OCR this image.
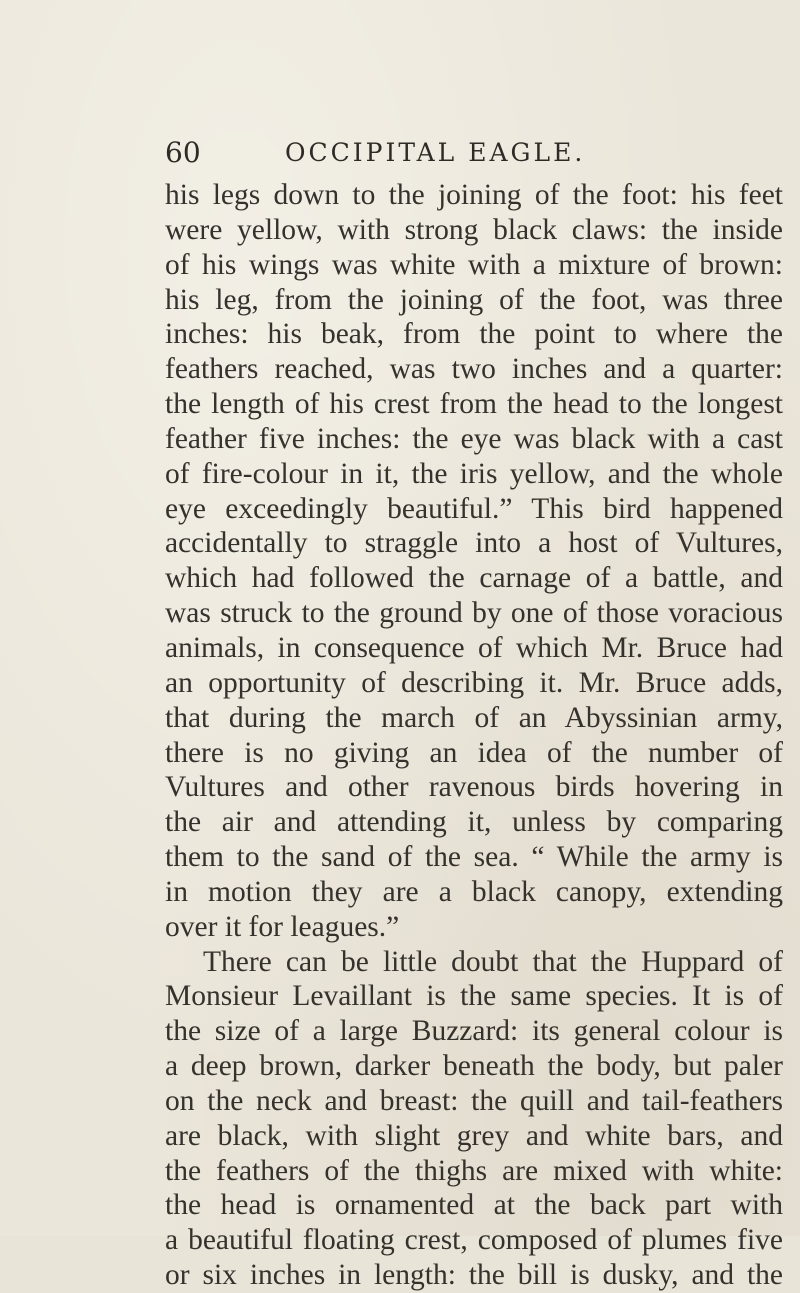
60	OCCIPITAL EAGLE.
his legs down to the joining of the foot: his feet
were yellow, with strong black claws: the inside
of his wings was white with a mixture of brown:
his leg, from the joining of the foot, was three
inches: his beak, from the point to where the
feathers reached, was two inches and a quarter:
the length of his crest from the head to the longest
feather five inches: the eye was black with a cast
of fire-colour in it, the iris yellow, and the whole
eye exceedingly beautiful.” This bird happened
accidentally to straggle into a host of Vultures,
which had followed the carnage of a battle, and
was struck to the ground by one of those voracious
animals, in consequence of which Mr. Bruce had
an opportunity of describing it. Mr. Bruce adds,
that during the march of an Abyssinian army,
there is no giving an idea of the number of
Vultures and other ravenous birds hovering in
the air and attending it, unless by comparing
them to the sand of the sea. “ While the army is
in motion they are a black canopy, extending
over it for leagues.”
There can be little doubt that the Huppard of
Monsieur Levaillant is the same species. It is of
the size of a large Buzzard: its general colour is
a deep brown, darker beneath the body, but paler
on the neck and breast: the quill and tail-feathers
are black, with slight grey and white bars, and
the feathers of the thighs are mixed with white:
the head is ornamented at the back part with
a beautiful floating crest, composed of plumes five
or six inches in length: the bill is dusky, and the
